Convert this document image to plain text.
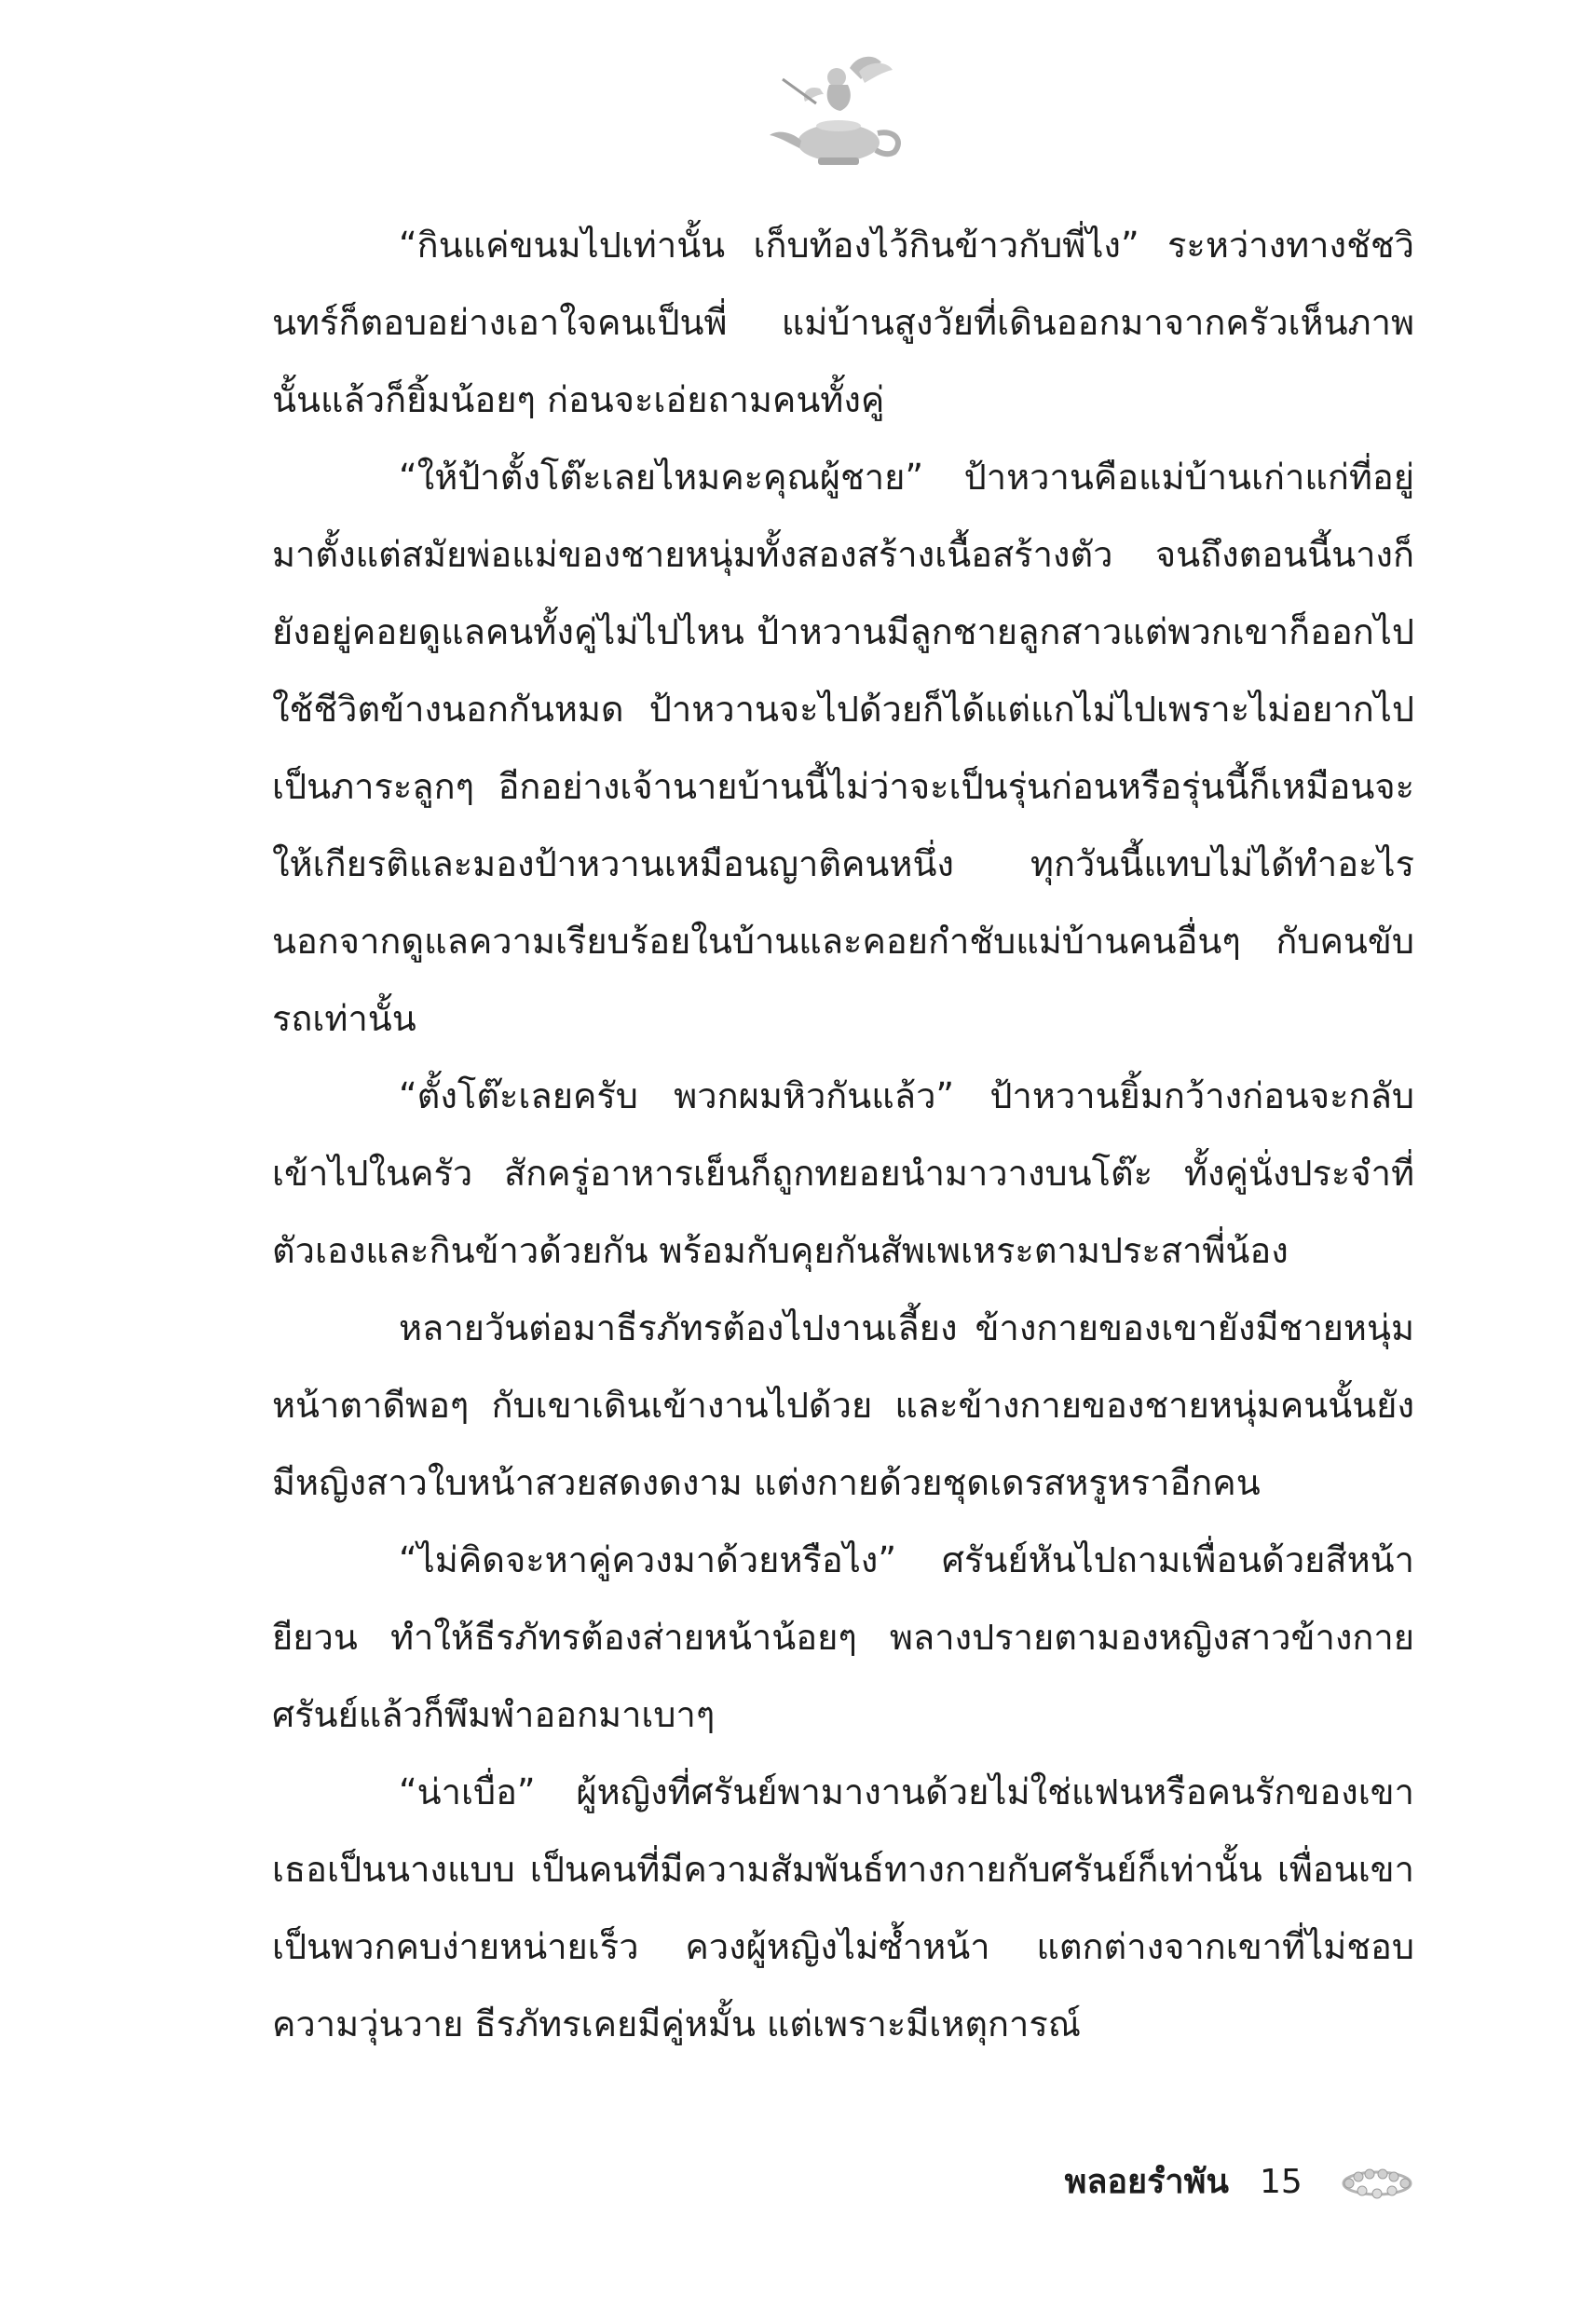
“กินแค่ขนมไปเท่านั้น เก็บท้องไว้กินข้าวกับพี่ไง” ระหว่างทางชัชวินทร์ก็ตอบอย่างเอาใจคนเป็นพี่ แม่บ้านสูงวัยที่เดินออกมาจากครัวเห็นภาพนั้นแล้วก็ยิ้มน้อยๆ ก่อนจะเอ่ยถามคนทั้งคู่

“ให้ป้าตั้งโต๊ะเลยไหมคะคุณผู้ชาย” ป้าหวานคือแม่บ้านเก่าแก่ที่อยู่มาตั้งแต่สมัยพ่อแม่ของชายหนุ่มทั้งสองสร้างเนื้อสร้างตัว จนถึงตอนนี้นางก็ยังอยู่คอยดูแลคนทั้งคู่ไม่ไปไหน ป้าหวานมีลูกชายลูกสาวแต่พวกเขาก็ออกไปใช้ชีวิตข้างนอกกันหมด ป้าหวานจะไปด้วยก็ได้แต่แกไม่ไปเพราะไม่อยากไปเป็นภาระลูกๆ อีกอย่างเจ้านายบ้านนี้ไม่ว่าจะเป็นรุ่นก่อนหรือรุ่นนี้ก็เหมือนจะให้เกียรติและมองป้าหวานเหมือนญาติคนหนึ่ง ทุกวันนี้แทบไม่ได้ทำอะไรนอกจากดูแลความเรียบร้อยในบ้านและคอยกำชับแม่บ้านคนอื่นๆ กับคนขับรถเท่านั้น

“ตั้งโต๊ะเลยครับ พวกผมหิวกันแล้ว” ป้าหวานยิ้มกว้างก่อนจะกลับเข้าไปในครัว สักครู่อาหารเย็นก็ถูกทยอยนำมาวางบนโต๊ะ ทั้งคู่นั่งประจำที่ตัวเองและกินข้าวด้วยกัน พร้อมกับคุยกันสัพเพเหระตามประสาพี่น้อง

หลายวันต่อมาธีรภัทรต้องไปงานเลี้ยง ข้างกายของเขายังมีชายหนุ่มหน้าตาดีพอๆ กับเขาเดินเข้างานไปด้วย และข้างกายของชายหนุ่มคนนั้นยังมีหญิงสาวใบหน้าสวยสดงดงาม แต่งกายด้วยชุดเดรสหรูหราอีกคน

“ไม่คิดจะหาคู่ควงมาด้วยหรือไง” ศรันย์หันไปถามเพื่อนด้วยสีหน้ายียวน ทำให้ธีรภัทรต้องส่ายหน้าน้อยๆ พลางปรายตามองหญิงสาวข้างกายศรันย์แล้วก็พึมพำออกมาเบาๆ

“น่าเบื่อ” ผู้หญิงที่ศรันย์พามางานด้วยไม่ใช่แฟนหรือคนรักของเขา เธอเป็นนางแบบ เป็นคนที่มีความสัมพันธ์ทางกายกับศรันย์ก็เท่านั้น เพื่อนเขาเป็นพวกคบง่ายหน่ายเร็ว ควงผู้หญิงไม่ซ้ำหน้า แตกต่างจากเขาที่ไม่ชอบความวุ่นวาย ธีรภัทรเคยมีคู่หมั้น แต่เพราะมีเหตุการณ์

พลอยรำพัน 15
